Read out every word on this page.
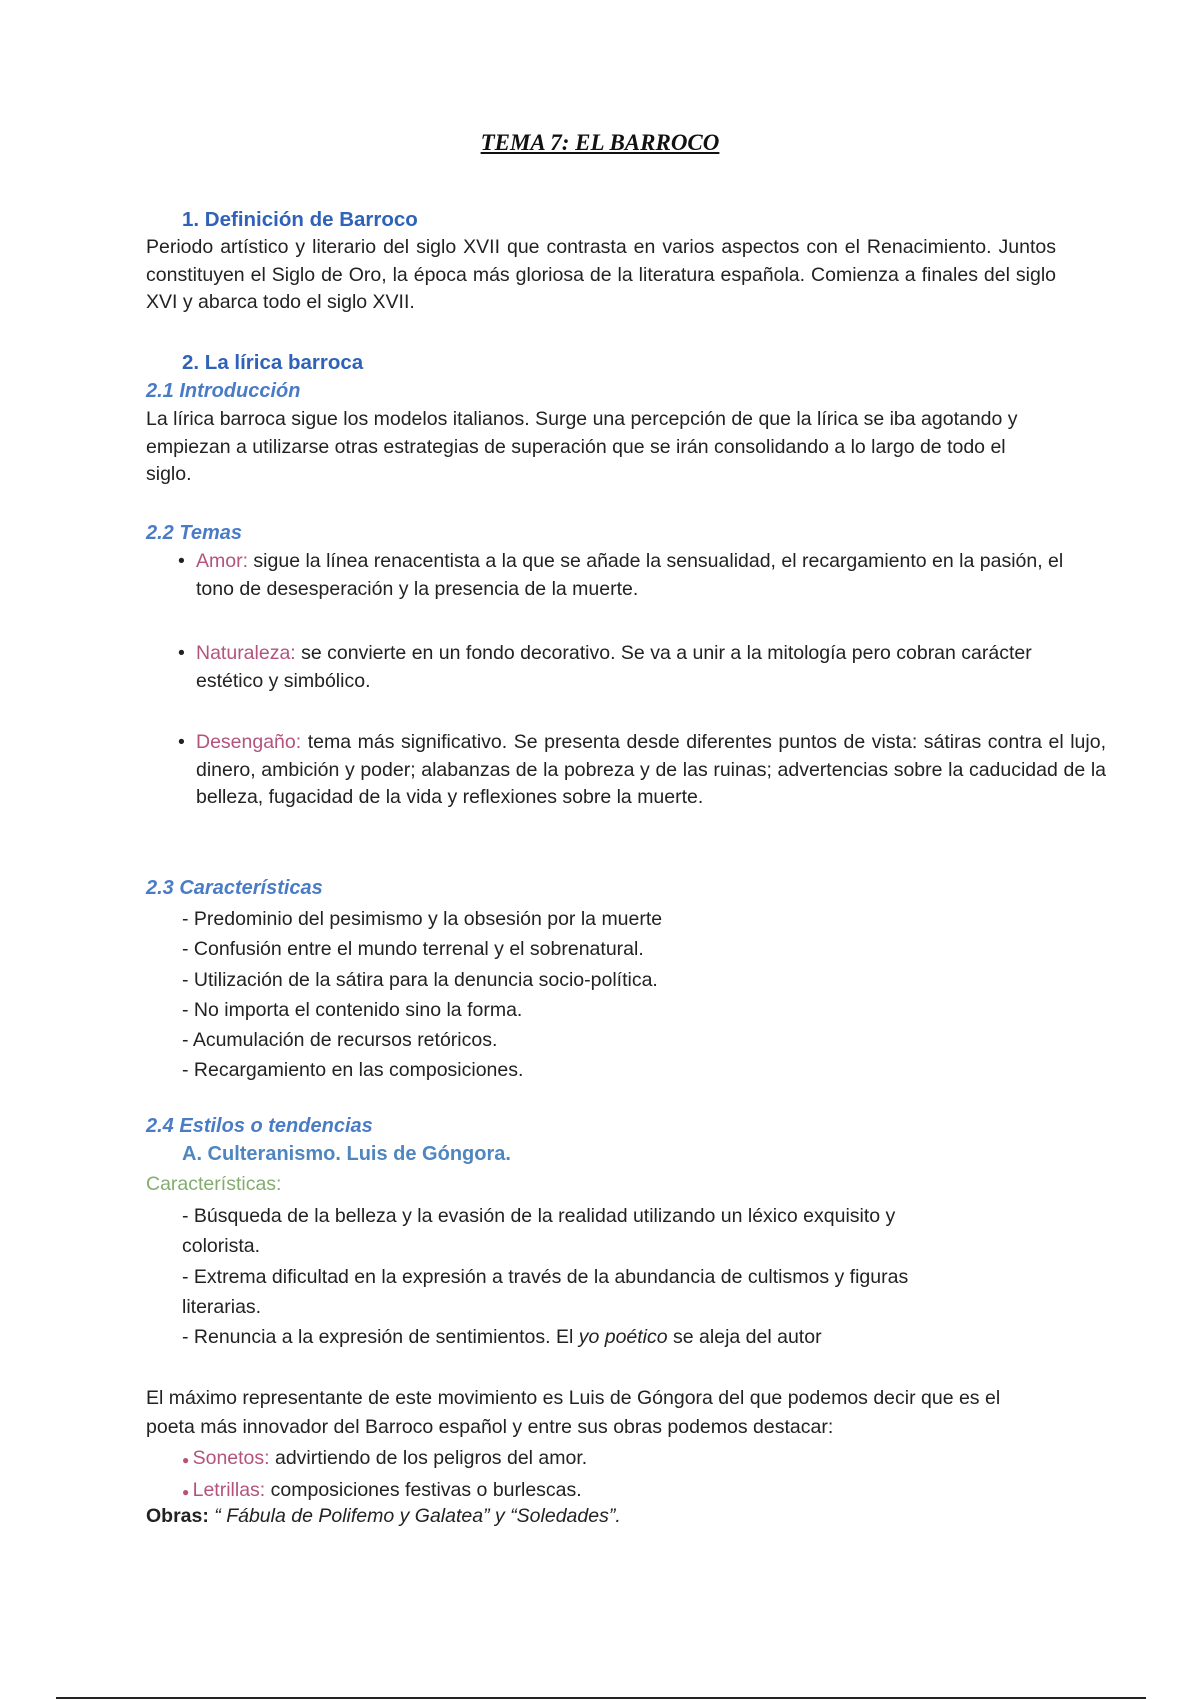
TEMA 7: EL BARROCO
1. Definición de Barroco
Periodo artístico y literario del siglo XVII que contrasta en varios aspectos con el Renacimiento. Juntos constituyen el Siglo de Oro, la época más gloriosa de la literatura española. Comienza a finales del siglo XVI y abarca todo el siglo XVII.
2. La lírica barroca
2.1 Introducción
La lírica barroca sigue los modelos italianos. Surge una percepción de que la lírica se iba agotando y empiezan a utilizarse otras estrategias de superación que se irán consolidando a lo largo de todo el siglo.
2.2 Temas
• Amor: sigue la línea renacentista a la que se añade la sensualidad, el recargamiento en la pasión, el tono de desesperación y la presencia de la muerte.
• Naturaleza: se convierte en un fondo decorativo. Se va a unir a la mitología pero cobran carácter estético y simbólico.
• Desengaño: tema más significativo. Se presenta desde diferentes puntos de vista: sátiras contra el lujo, dinero, ambición y poder; alabanzas de la pobreza y de las ruinas; advertencias sobre la caducidad de la belleza, fugacidad de la vida y reflexiones sobre la muerte.
2.3 Características
- Predominio del pesimismo y la obsesión por la muerte
- Confusión entre el mundo terrenal y el sobrenatural.
- Utilización de la sátira para la denuncia socio-política.
- No importa el contenido sino la forma.
- Acumulación de recursos retóricos.
- Recargamiento en las composiciones.
2.4 Estilos o tendencias
A. Culteranismo. Luis de Góngora.
Características:
- Búsqueda de la belleza y la evasión de la realidad utilizando un léxico exquisito y colorista.
- Extrema dificultad en la expresión a través de la abundancia de cultismos y figuras literarias.
- Renuncia a la expresión de sentimientos. El yo poético se aleja del autor
El máximo representante de este movimiento es Luis de Góngora del que podemos decir que es el poeta más innovador del Barroco español y entre sus obras podemos destacar:
● Sonetos: advirtiendo de los peligros del amor.
● Letrillas: composiciones festivas o burlescas.
Obras: “ Fábula de Polifemo y Galatea” y “Soledades”.
